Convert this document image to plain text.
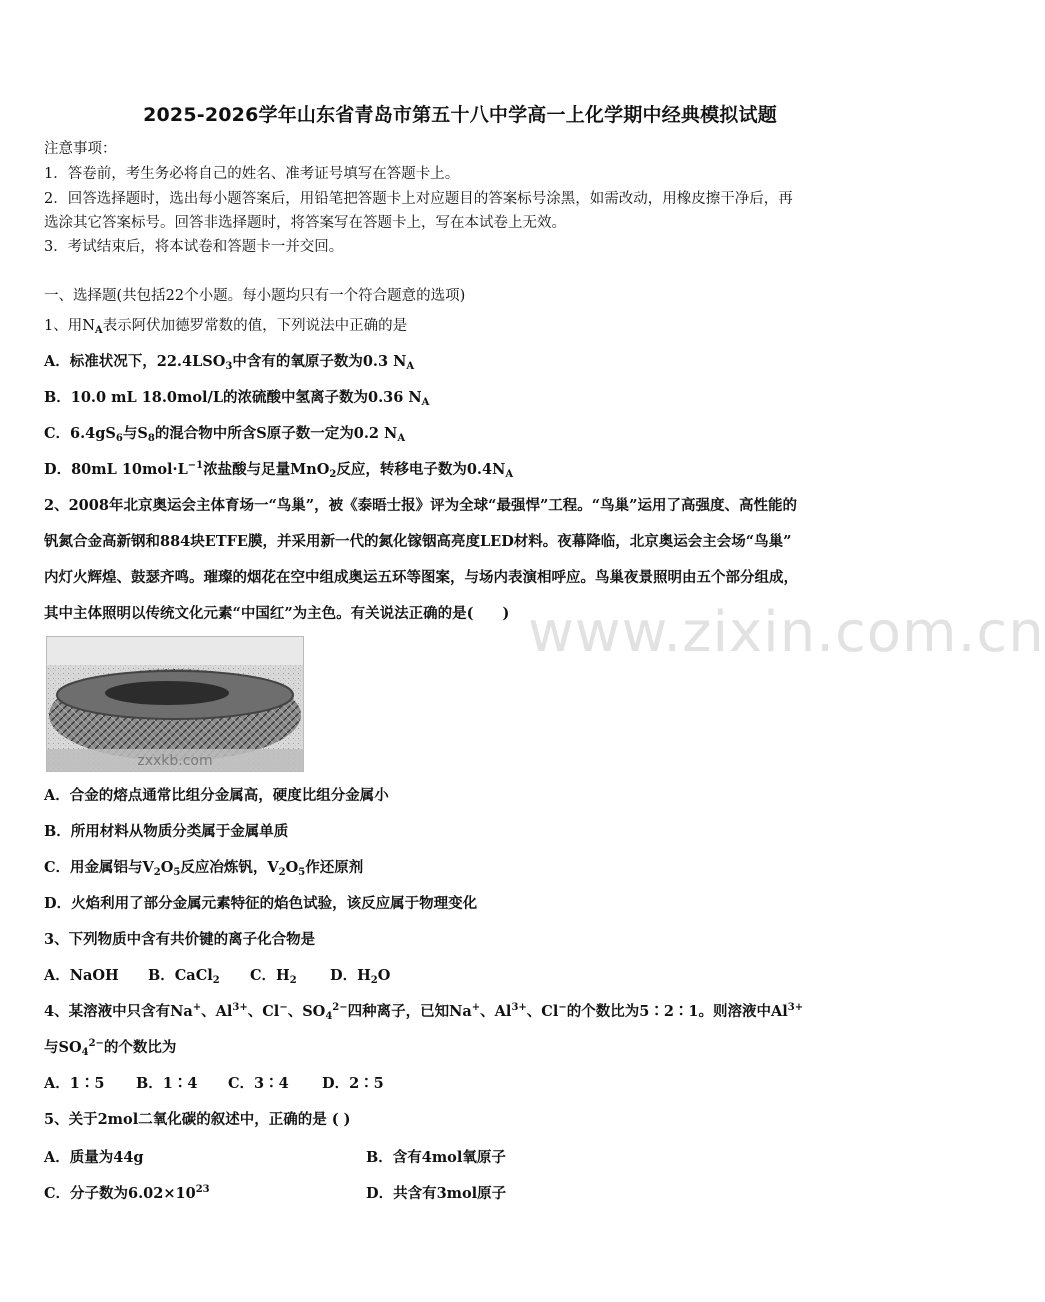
2025-2026学年山东省青岛市第五十八中学高一上化学期中经典模拟试题
注意事项：
1．答卷前，考生务必将自己的姓名、准考证号填写在答题卡上。
2．回答选择题时，选出每小题答案后，用铅笔把答题卡上对应题目的答案标号涂黑，如需改动，用橡皮擦干净后，再
选涂其它答案标号。回答非选择题时，将答案写在答题卡上，写在本试卷上无效。
3．考试结束后，将本试卷和答题卡一并交回。
一、选择题(共包括22个小题。每小题均只有一个符合题意的选项)
1、用$N_A$表示阿伏加德罗常数的值，下列说法中正确的是
A．标准状况下，$22.4LSO_3$中含有的氧原子数为0.3 $N_A$
B．10.0 mL 18.0mol/L的浓硫酸中氢离子数为0.36 $N_A$
C．$6.4gS_6$与$S_8$的混合物中所含S原子数一定为0.2 $N_A$
D．80mL $10mol\cdot L^{-1}$浓盐酸与足量MnO$_2$反应，转移电子数为$0.4N_A$
2、2008年北京奥运会主体育场一“鸟巢”，被《泰晤士报》评为全球“最强悍”工程。“鸟巢”运用了高强度、高性能的
钒氮合金高新钢和884块ETFE膜，并采用新一代的氮化镓铟高亮度LED材料。夜幕降临，北京奥运会主会场“鸟巢”
内灯火辉煌、鼓瑟齐鸣。璀璨的烟花在空中组成奥运五环等图案，与场内表演相呼应。鸟巢夜景照明由五个部分组成，
其中主体照明以传统文化元素“中国红”为主色。有关说法正确的是(　　) www.zixin.com.cn
zxxkb.com
A．合金的熔点通常比组分金属高，硬度比组分金属小
B．所用材料从物质分类属于金属单质
C．用金属铝与$V_2O_5$反应冶炼钒，$V_2O_5$作还原剂
D．火焰利用了部分金属元素特征的焰色试验，该反应属于物理变化
3、下列物质中含有共价键的离子化合物是
A．NaOH B．CaCl$_2$ C．$H_2$ D．$H_2O$
4、某溶液中只含有Na+、$Al^{3+}$、Cl−、$SO_4^{2-}$四种离子，已知Na+、$Al^{3+}$、Cl−的个数比为5∶2∶1。则溶液中$Al^{3+}$
与$SO_4^{2-}$的个数比为
A．1∶5 B．1∶4 C．3∶4 D．2∶5
5、关于2mol二氧化碳的叙述中，正确的是 ( )
A．质量为44g	B．含有4mol氧原子
C．分子数为$6.02\times 10^{23}$	D．共含有3mol原子
